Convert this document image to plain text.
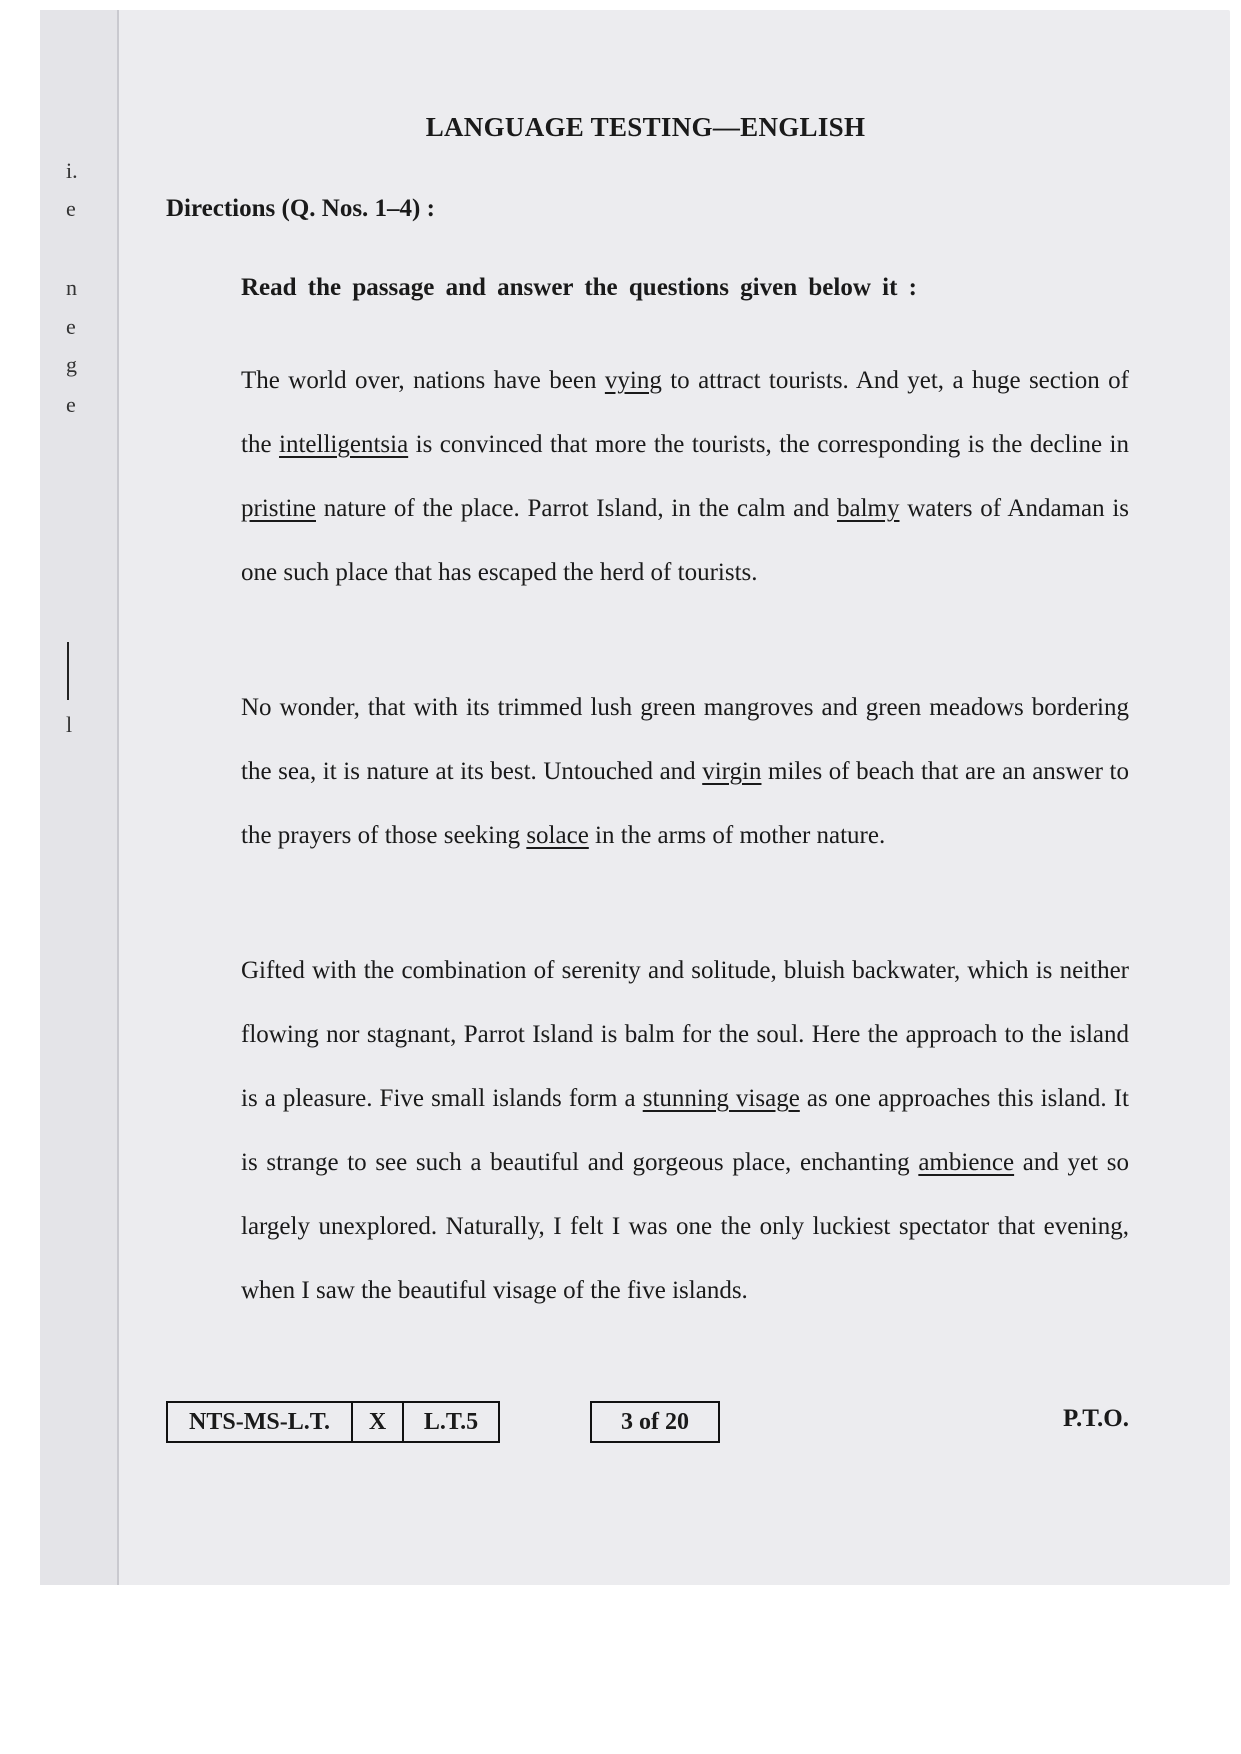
i.
e
n
e
g
e
l
LANGUAGE TESTING—ENGLISH
Directions (Q. Nos. 1–4) :
Read the passage and answer the questions given below it :

The world over, nations have been vying to attract tourists. And yet, a huge section of the intelligentsia is convinced that more the tourists, the corresponding is the decline in pristine nature of the place. Parrot Island, in the calm and balmy waters of Andaman is one such place that has escaped the herd of tourists.

No wonder, that with its trimmed lush green mangroves and green meadows bordering the sea, it is nature at its best. Untouched and virgin miles of beach that are an answer to the prayers of those seeking solace in the arms of mother nature.

Gifted with the combination of serenity and solitude, bluish backwater, which is neither flowing nor stagnant, Parrot Island is balm for the soul. Here the approach to the island is a pleasure. Five small islands form a stunning visage as one approaches this island. It is strange to see such a beautiful and gorgeous place, enchanting ambience and yet so largely unexplored. Naturally, I felt I was one the only luckiest spectator that evening, when I saw the beautiful visage of the five islands.

NTS-MS-L.T.	X	L.T.5	3 of 20	P.T.O.
